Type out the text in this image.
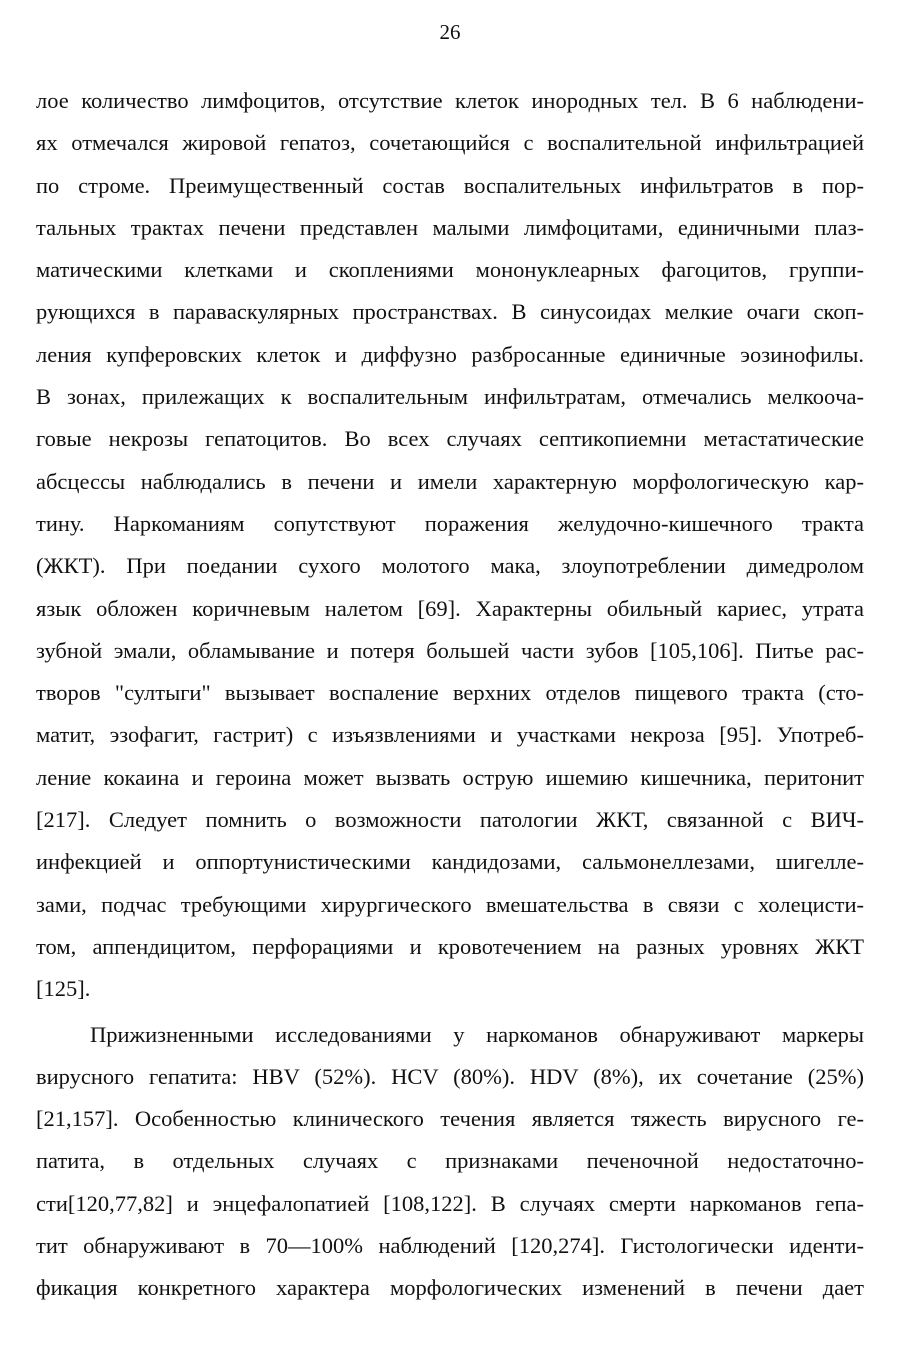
26
лое количество лимфоцитов, отсутствие клеток инородных тел. В 6 наблюдени-
ях отмечался жировой гепатоз, сочетающийся с воспалительной инфильтрацией
по строме. Преимущественный состав воспалительных инфильтратов в пор-
тальных трактах печени представлен малыми лимфоцитами, единичными плаз-
матическими клетками и скоплениями мононуклеарных фагоцитов, группи-
рующихся в паравaскулярных пространствах. В синусоидах мелкие очаги скоп-
ления купферовских клеток и диффузно разбросанные единичные эозинофилы.
В зонах, прилежащих к воспалительным инфильтратам, отмечались мелкоoча-
говые некрозы гепатоцитов. Во всех случаях септикопиемни метастатические
абсцессы наблюдались в печени и имели характерную морфологическую кар-
тину. Наркоманиям сопутствуют поражения желудочно-кишечного тракта
(ЖКТ). При поедании сухого молотого мака, злоупотреблении димедролом
язык обложен коричневым налетом [69]. Характерны обильный кариес, утрата
зубной эмали, обламывание и потеря большей части зубов [105,106]. Питье рас-
творов "султыги" вызывает воспаление верхних отделов пищевого тракта (сто-
матит, эзофагит, гастрит) с изъязвлениями и участками некроза [95]. Употреб-
ление кокаина и героина может вызвать острую ишемию кишечника, перитонит
[217]. Следует помнить о возможности патологии ЖКТ, связанной с ВИЧ-
инфекцией и оппортунистическими кандидозами, сальмонеллезами, шигелле-
зами, подчас требующими хирургического вмешательства в связи с холецисти-
том, аппендицитом, перфорациями и кровотечением на разных уровнях ЖКТ
[125].
Прижизненными исследованиями у наркоманов обнаруживают маркеры
вирусного гепатита: HBV (52%). HCV (80%). HDV (8%), их сочетание (25%)
[21,157]. Особенностью клинического течения является тяжесть вирусного ге-
патита, в отдельных случаях с признаками печеночной недостаточно-
сти[120,77,82] и энцефалопатией [108,122]. В случаях смерти наркоманов гепа-
тит обнаруживают в 70—100% наблюдений [120,274]. Гистологически иденти-
фикация конкретного характера морфологических изменений в печени дает
